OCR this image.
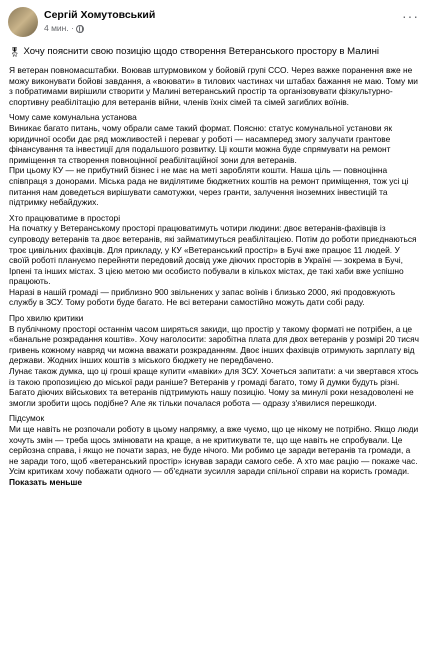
Сергій Хомутовський
4 мин. ·
···
🎖 Хочу пояснити свою позицію щодо створення Ветеранського простору в Малині

Я ветеран повномасштабки. Воював штурмовиком у бойовій групі ССО. Через важке поранення вже не можу виконувати бойові завдання, а «воювати» в тилових частинах чи штабах бажання не маю. Тому ми з побратимами вирішили створити у Малині ветеранський простір та організовувати фізкультурно-спортивну реабілітацію для ветеранів війни, членів їхніх сімей та сімей загиблих воїнів.

Чому саме комунальна установа

Виникає багато питань, чому обрали саме такий формат. Поясню: статус комунальної установи як юридичної особи дає ряд можливостей і переваг у роботі — насамперед змогу залучати грантове фінансування та інвестиції для подальшого розвитку. Ці кошти можна буде спрямувати на ремонт приміщення та створення повноцінної реабілітаційної зони для ветеранів.

При цьому КУ — не прибутний бізнес і не має на меті заробляти кошти. Наша ціль — повноцінна співпраця з донорами. Міська рада не виділятиме бюджетних коштів на ремонт приміщення, тож усі ці питання нам доведеться вирішувати самотужки, через гранти, залучення іноземних інвестицій та підтримку небайдужих.

Хто працюватиме в просторі

На початку у Ветеранському просторі працюватимуть чотири людини: двоє ветеранів-фахівців із супроводу ветеранів та двоє ветеранів, які займатимуться реабілітацією. Потім до роботи приєднаються троє цивільних фахівців. Для прикладу, у КУ «Ветеранський простір» в Бучі вже працює 11 людей. У своїй роботі плануємо перейняти передовий досвід уже діючих просторів в Україні — зокрема в Бучі, Ірпені та інших містах. З цією метою ми особисто побували в кількох містах, де такі хаби вже успішно працюють.

Наразі в нашій громаді — приблизно 900 звільнених у запас воїнів і близько 2000, які продовжують службу в ЗСУ. Тому роботи буде багато. Не всі ветерани самостійно можуть дати собі раду.

Про хвилю критики

В публічному просторі останнім часом ширяться закиди, що простір у такому форматі не потрібен, а це «банальне розкрадання коштів». Хочу наголосити: заробітна плата для двох ветеранів у розмірі 20 тисяч гривень кожному навряд чи можна вважати розкраданням. Двоє інших фахівців отримують зарплату від держави. Жодних інших коштів з міського бюджету не передбачено.

Лунає також думка, що ці гроші краще купити «мавіки» для ЗСУ. Хочеться запитати: а чи звертався хтось із такою пропозицією до міської ради раніше? Ветеранів у громаді багато, тому й думки будуть різні. Багато діючих військових та ветеранів підтримують нашу позицію. Чому за минулі роки незадоволені не змогли зробити щось подібне? Але як тільки почалася робота — одразу з'явилися перешкоди.

Підсумок

Ми ще навіть не розпочали роботу в цьому напрямку, а вже чуємо, що це нікому не потрібно. Якщо люди хочуть змін — треба щось змінювати на краще, а не критикувати те, що ще навіть не спробували. Це серйозна справа, і якщо не почати зараз, не буде нічого. Ми робимо це заради ветеранів та громади, а не заради того, щоб «ветеранський простір» існував заради самого себе. А хто має рацію — покаже час.

Усім критикам хочу побажати одного — об'єднати зусилля заради спільної справи на користь громади. Показать меньше
